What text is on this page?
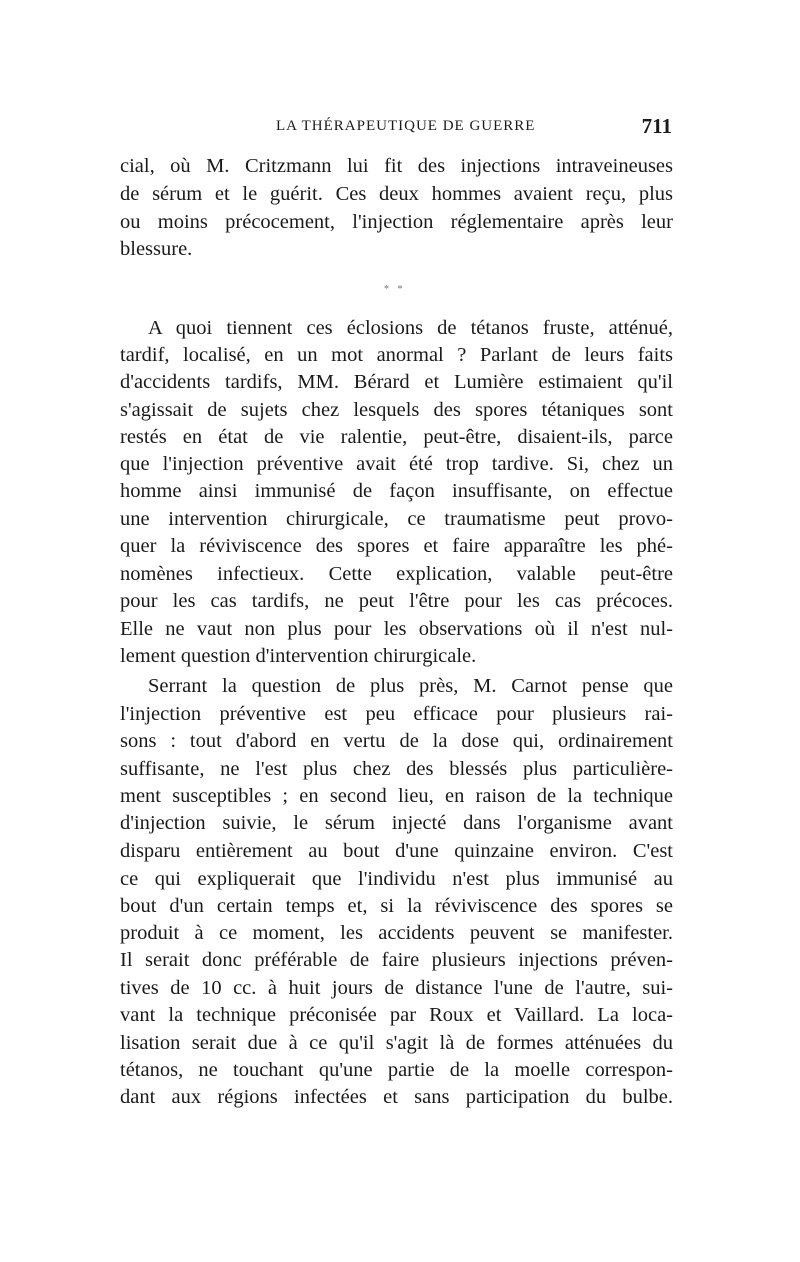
LA THÉRAPEUTIQUE DE GUERRE	711
cial, où M. Critzmann lui fit des injections intraveineuses
de sérum et le guérit. Ces deux hommes avaient reçu, plus
ou moins précocement, l'injection réglementaire après leur
blessure.
* *
A quoi tiennent ces éclosions de tétanos fruste, atténué,
tardif, localisé, en un mot anormal ? Parlant de leurs faits
d'accidents tardifs, MM. Bérard et Lumière estimaient qu'il
s'agissait de sujets chez lesquels des spores tétaniques sont
restés en état de vie ralentie, peut-être, disaient-ils, parce
que l'injection préventive avait été trop tardive. Si, chez un
homme ainsi immunisé de façon insuffisante, on effectue
une intervention chirurgicale, ce traumatisme peut provo-
quer la réviviscence des spores et faire apparaître les phé-
nomènes infectieux. Cette explication, valable peut-être
pour les cas tardifs, ne peut l'être pour les cas précoces.
Elle ne vaut non plus pour les observations où il n'est nul-
lement question d'intervention chirurgicale.
Serrant la question de plus près, M. Carnot pense que
l'injection préventive est peu efficace pour plusieurs rai-
sons : tout d'abord en vertu de la dose qui, ordinairement
suffisante, ne l'est plus chez des blessés plus particulière-
ment susceptibles ; en second lieu, en raison de la technique
d'injection suivie, le sérum injecté dans l'organisme avant
disparu entièrement au bout d'une quinzaine environ. C'est
ce qui expliquerait que l'individu n'est plus immunisé au
bout d'un certain temps et, si la réviviscence des spores se
produit à ce moment, les accidents peuvent se manifester.
Il serait donc préférable de faire plusieurs injections préven-
tives de 10 cc. à huit jours de distance l'une de l'autre, sui-
vant la technique préconisée par Roux et Vaillard. La loca-
lisation serait due à ce qu'il s'agit là de formes atténuées du
tétanos, ne touchant qu'une partie de la moelle correspon-
dant aux régions infectées et sans participation du bulbe.
